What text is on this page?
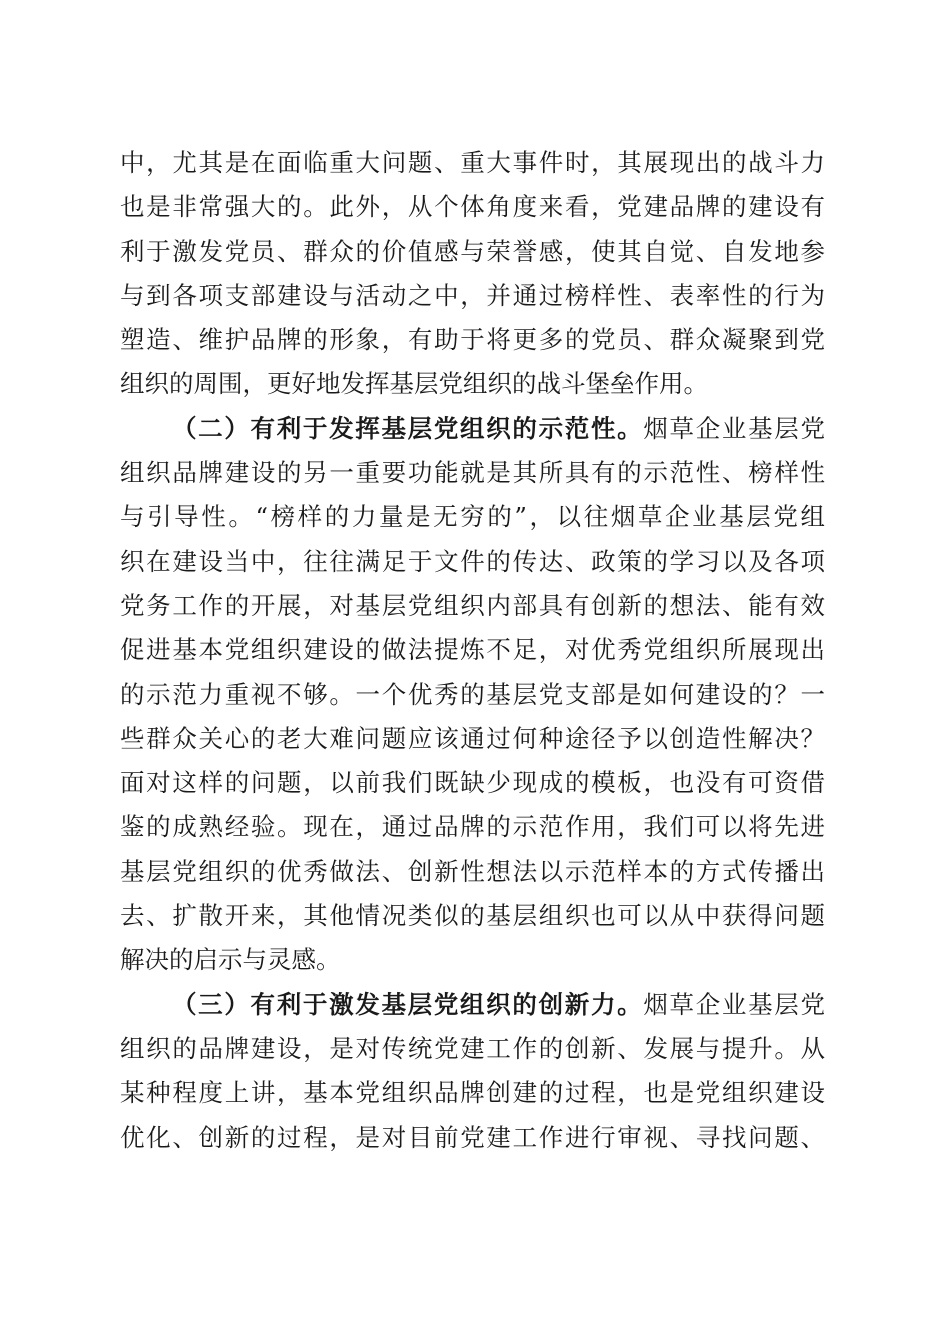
中，尤其是在面临重大问题、重大事件时，其展现出的战斗力
也是非常强大的。此外，从个体角度来看，党建品牌的建设有
利于激发党员、群众的价值感与荣誉感，使其自觉、自发地参
与到各项支部建设与活动之中，并通过榜样性、表率性的行为
塑造、维护品牌的形象，有助于将更多的党员、群众凝聚到党
组织的周围，更好地发挥基层党组织的战斗堡垒作用。
（二）有利于发挥基层党组织的示范性。烟草企业基层党
组织品牌建设的另一重要功能就是其所具有的示范性、榜样性
与引导性。“榜样的力量是无穷的”，以往烟草企业基层党组
织在建设当中，往往满足于文件的传达、政策的学习以及各项
党务工作的开展，对基层党组织内部具有创新的想法、能有效
促进基本党组织建设的做法提炼不足，对优秀党组织所展现出
的示范力重视不够。一个优秀的基层党支部是如何建设的？一
些群众关心的老大难问题应该通过何种途径予以创造性解决？
面对这样的问题，以前我们既缺少现成的模板，也没有可资借
鉴的成熟经验。现在，通过品牌的示范作用，我们可以将先进
基层党组织的优秀做法、创新性想法以示范样本的方式传播出
去、扩散开来，其他情况类似的基层组织也可以从中获得问题
解决的启示与灵感。
（三）有利于激发基层党组织的创新力。烟草企业基层党
组织的品牌建设，是对传统党建工作的创新、发展与提升。从
某种程度上讲，基本党组织品牌创建的过程，也是党组织建设
优化、创新的过程，是对目前党建工作进行审视、寻找问题、
